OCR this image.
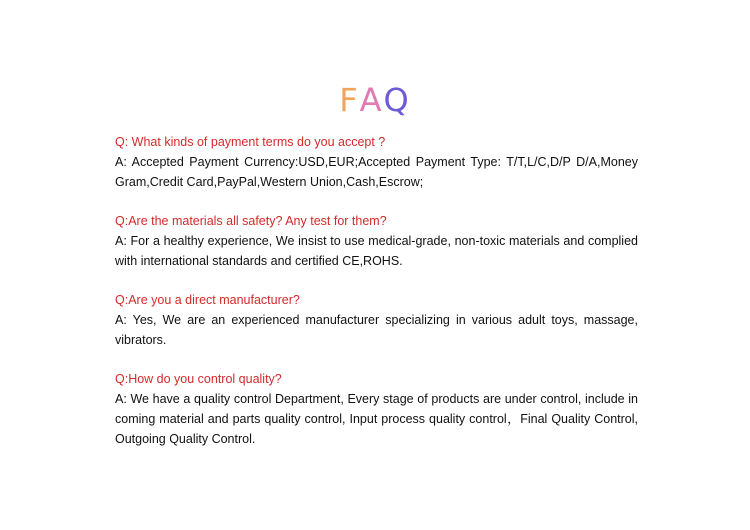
FAQ
Q: What kinds of payment terms do you accept ?
A: Accepted Payment Currency:USD,EUR;Accepted Payment Type: T/T,L/C,D/P D/A,Money Gram,Credit Card,PayPal,Western Union,Cash,Escrow;
Q:Are the materials all safety? Any test for them?
A: For a healthy experience, We insist to use medical-grade, non-toxic materials and complied with international standards and certified CE,ROHS.
Q:Are you a direct manufacturer?
A: Yes, We are an experienced manufacturer specializing in various adult toys, massage, vibrators.
Q:How do you control quality?
A: We have a quality control Department, Every stage of products are under control, include in coming material and parts quality control, Input process quality control，Final Quality Control, Outgoing Quality Control.
